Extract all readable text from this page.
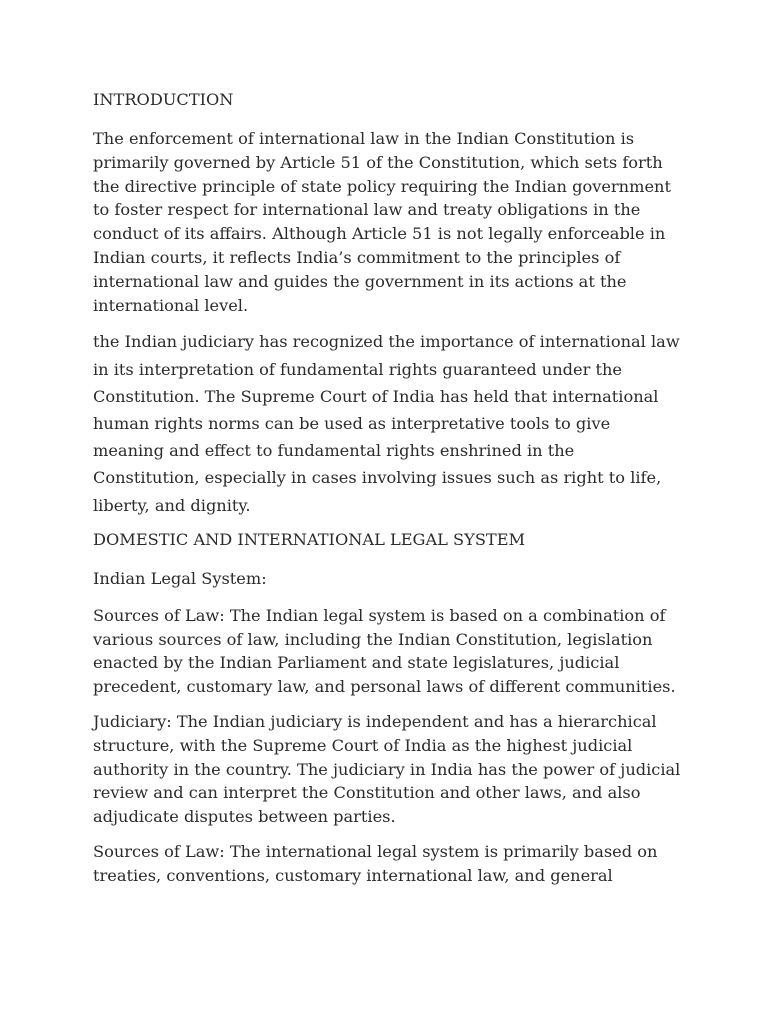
INTRODUCTION

The enforcement of international law in the Indian Constitution is primarily governed by Article 51 of the Constitution, which sets forth the directive principle of state policy requiring the Indian government to foster respect for international law and treaty obligations in the conduct of its affairs. Although Article 51 is not legally enforceable in Indian courts, it reflects India’s commitment to the principles of international law and guides the government in its actions at the international level.

the Indian judiciary has recognized the importance of international law in its interpretation of fundamental rights guaranteed under the Constitution. The Supreme Court of India has held that international human rights norms can be used as interpretative tools to give meaning and effect to fundamental rights enshrined in the Constitution, especially in cases involving issues such as right to life, liberty, and dignity.

DOMESTIC AND INTERNATIONAL LEGAL SYSTEM

Indian Legal System:

Sources of Law: The Indian legal system is based on a combination of various sources of law, including the Indian Constitution, legislation enacted by the Indian Parliament and state legislatures, judicial precedent, customary law, and personal laws of different communities.

Judiciary: The Indian judiciary is independent and has a hierarchical structure, with the Supreme Court of India as the highest judicial authority in the country. The judiciary in India has the power of judicial review and can interpret the Constitution and other laws, and also adjudicate disputes between parties.

Sources of Law: The international legal system is primarily based on treaties, conventions, customary international law, and general
